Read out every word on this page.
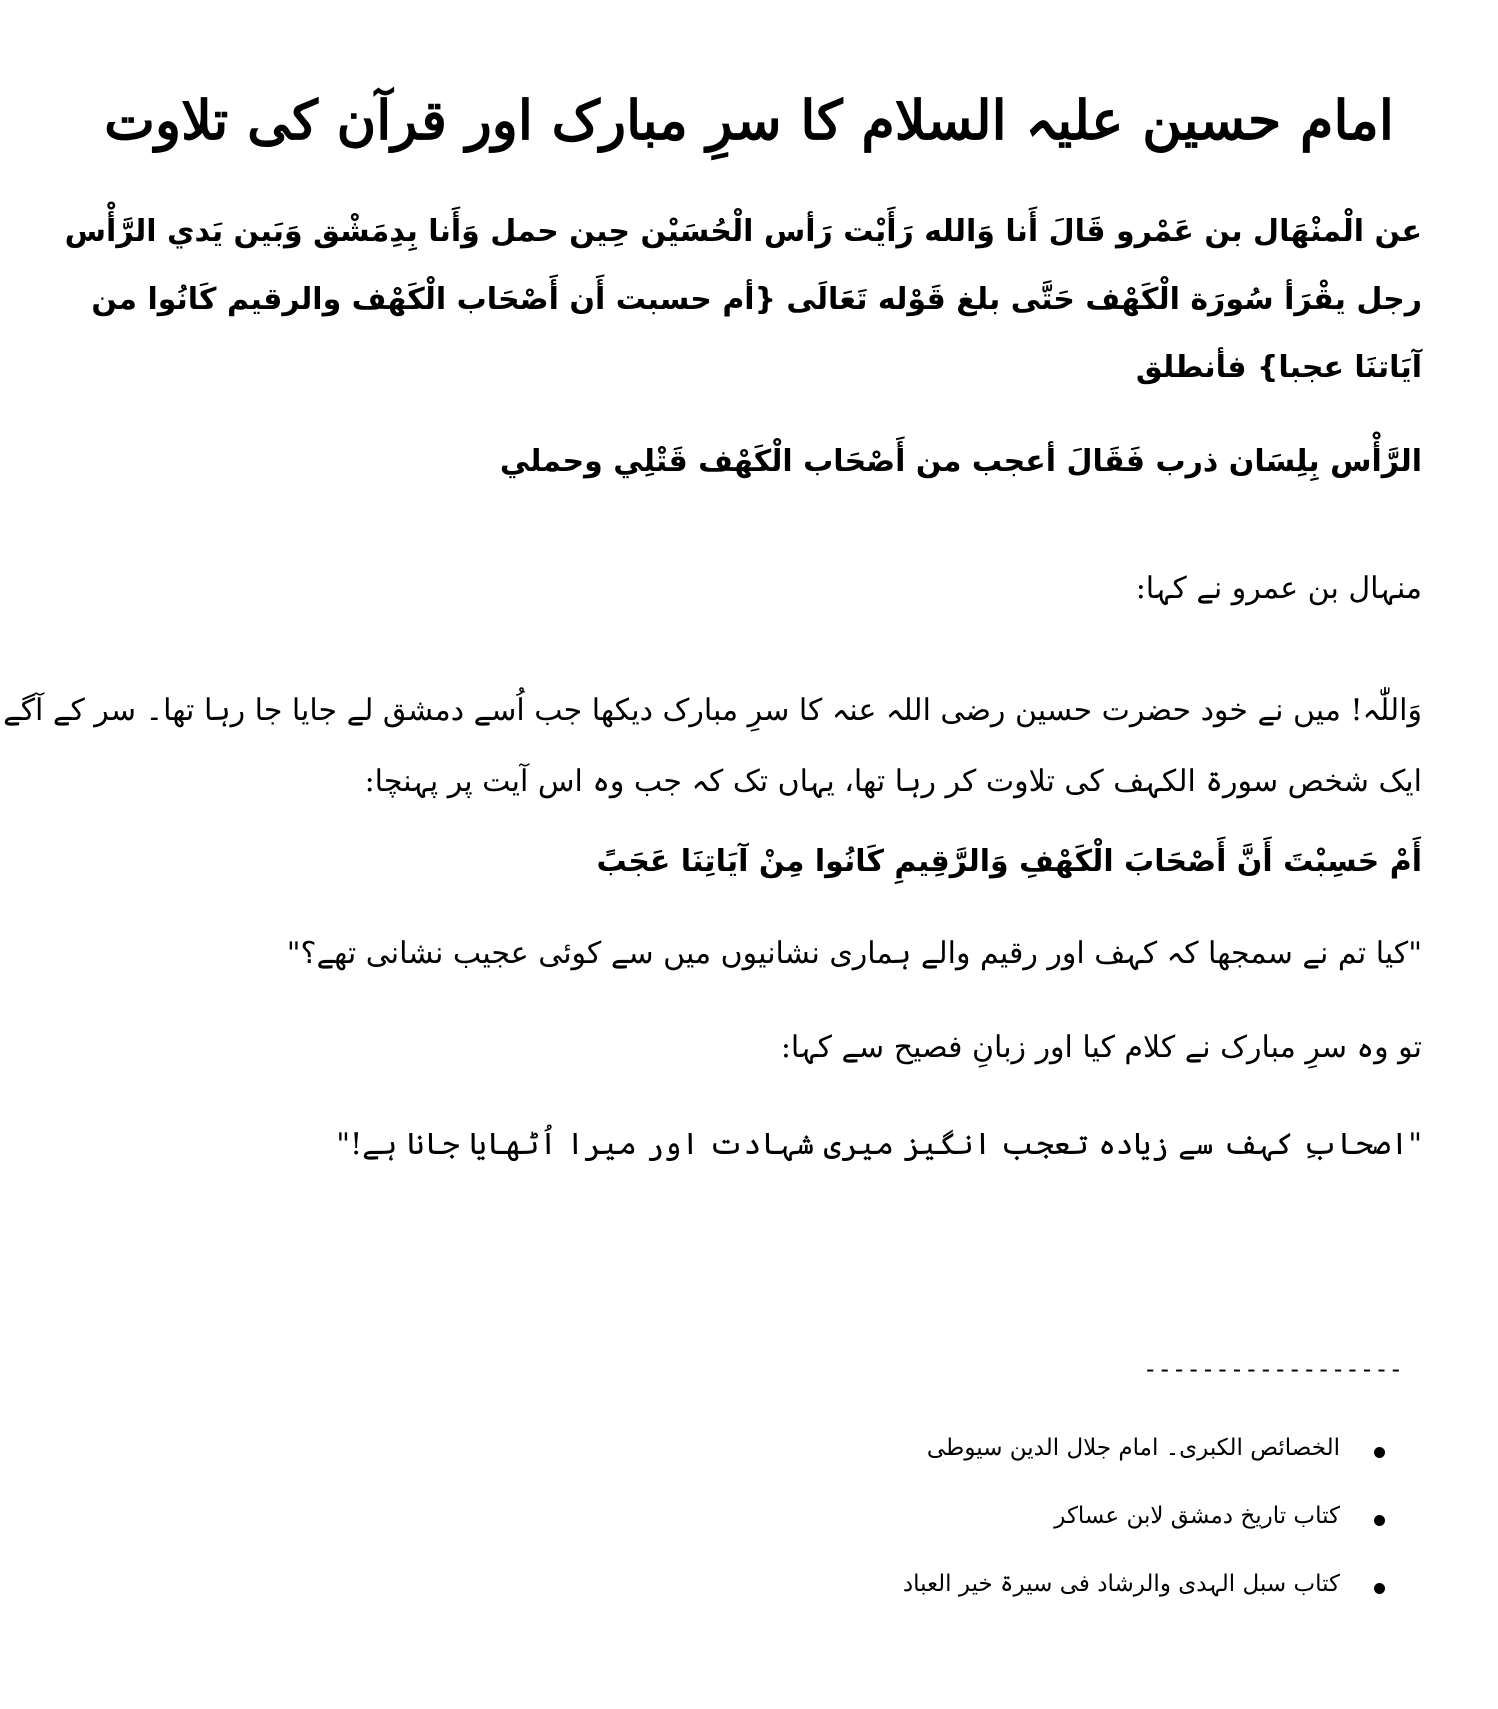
امام حسین علیہ السلام کا سرِ مبارک اور قرآن کی تلاوت

عن الْمنْهَال بن عَمْرو قَالَ أَنا وَالله رَأَيْت رَأس الْحُسَيْن حِين حمل وَأَنا بِدِمَشْق وَبَين يَدي الرَّأْس

رجل يقْرَأ سُورَة الْكَهْف حَتَّى بلغ قَوْله تَعَالَى {أم حسبت أَن أَصْحَاب الْكَهْف والرقيم كَانُوا من

آيَاتنَا عجبا} فأنطلق

الرَّأْس بِلِسَان ذرب فَقَالَ أعجب من أَصْحَاب الْكَهْف قَتْلِي وحملي

منہال بن عمرو نے کہا:

وَاللّٰہ! میں نے خود حضرت حسین رضی اللہ عنہ کا سرِ مبارک دیکھا جب اُسے دمشق لے جایا جا رہا تھا۔ سر کے آگے

ایک شخص سورۃ الکہف کی تلاوت کر رہا تھا، یہاں تک کہ جب وہ اس آیت پر پہنچا:

أَمْ حَسِبْتَ أَنَّ أَصْحَابَ الْكَهْفِ وَالرَّقِيمِ كَانُوا مِنْ آيَاتِنَا عَجَبً

"کیا تم نے سمجھا کہ کہف اور رقیم والے ہماری نشانیوں میں سے کوئی عجیب نشانی تھے؟"

تو وہ سرِ مبارک نے کلام کیا اور زبانِ فصیح سے کہا:

"اصحابِ کہف سے زیادہ تعجب انگیز میری شہادت اور میرا اُٹھایا جانا ہے!"

------------------
الخصائص الکبری۔ امام جلال الدین سیوطی
کتاب تاریخ دمشق لابن عساکر
کتاب سبل الہدی والرشاد فی سیرۃ خیر العباد
